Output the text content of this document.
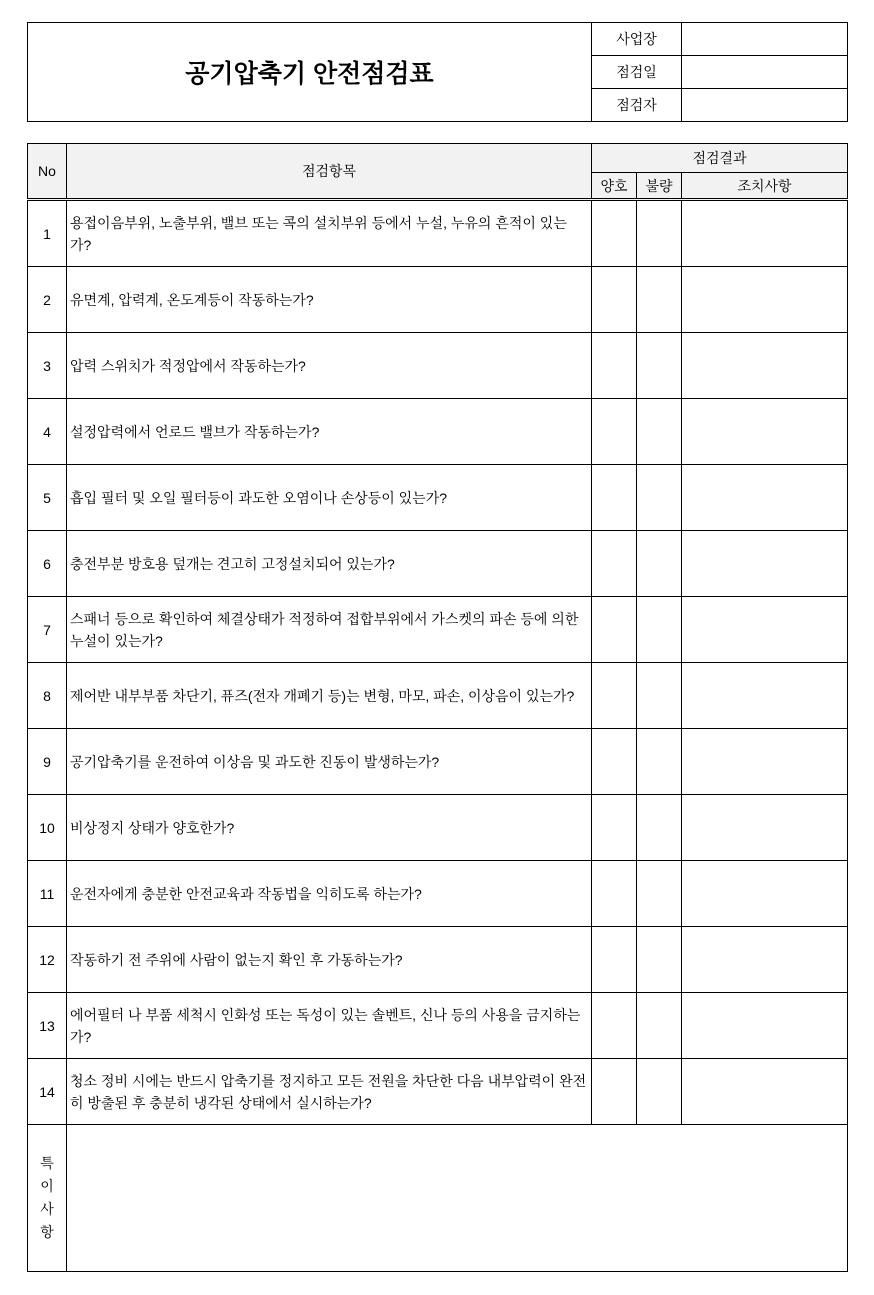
공기압축기 안전점검표	사업장	
	점검일	
	점검자	
No	점검항목	점검결과		
		양호	불량	조치사항
1	용접이음부위, 노출부위, 밸브 또는 콕의 설치부위 등에서 누설, 누유의 흔적이 있는가?			
2	유면계, 압력계, 온도계등이 작동하는가?			
3	압력 스위치가 적정압에서 작동하는가?			
4	설정압력에서 언로드 밸브가 작동하는가?			
5	흡입 필터 및 오일 필터등이 과도한 오염이나 손상등이 있는가?			
6	충전부분 방호용 덮개는 견고히 고정설치되어 있는가?			
7	스패너 등으로 확인하여 체결상태가 적정하여 접합부위에서 가스켓의 파손 등에 의한 누설이 있는가?			
8	제어반 내부부품 차단기, 퓨즈(전자 개폐기 등)는 변형, 마모, 파손, 이상음이 있는가?			
9	공기압축기를 운전하여 이상음 및 과도한 진동이 발생하는가?			
10	비상정지 상태가 양호한가?			
11	운전자에게 충분한 안전교육과 작동법을 익히도록 하는가?			
12	작동하기 전 주위에 사람이 없는지 확인 후 가동하는가?			
13	에어필터 나 부품 세척시 인화성 또는 독성이 있는 솔벤트, 신나 등의 사용을 금지하는가?			
14	청소 정비 시에는 반드시 압축기를 정지하고 모든 전원을 차단한 다음 내부압력이 완전히 방출된 후 충분히 냉각된 상태에서 실시하는가?			

특
이
사
항				
